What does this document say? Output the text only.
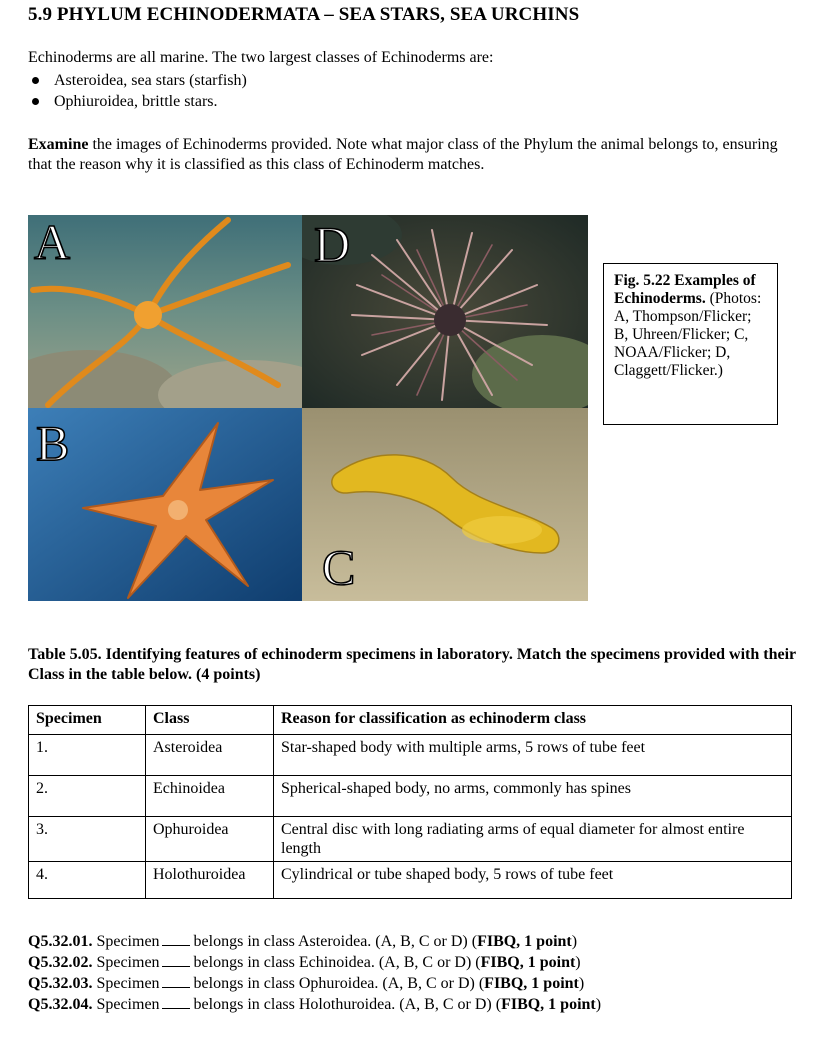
5.9 PHYLUM ECHINODERMATA – SEA STARS, SEA URCHINS
Echinoderms are all marine. The two largest classes of Echinoderms are:
Asteroidea, sea stars (starfish)
Ophiuroidea, brittle stars.
Examine the images of Echinoderms provided. Note what major class of the Phylum the animal belongs to, ensuring that the reason why it is classified as this class of Echinoderm matches.
A	D
B
C
Fig. 5.22 Examples of Echinoderms. (Photos: A, Thompson/Flicker; B, Uhreen/Flicker; C, NOAA/Flicker; D, Claggett/Flicker.)
Table 5.05. Identifying features of echinoderm specimens in laboratory. Match the specimens provided with their Class in the table below. (4 points)
Specimen	Class	Reason for classification as echinoderm class
1.	Asteroidea	Star-shaped body with multiple arms, 5 rows of tube feet
2.	Echinoidea	Spherical-shaped body, no arms, commonly has spines
3.	Ophuroidea	Central disc with long radiating arms of equal diameter for almost entire length
4.	Holothuroidea	Cylindrical or tube shaped body, 5 rows of tube feet
Q5.32.01. Specimen belongs in class Asteroidea. (A, B, C or D) (FIBQ, 1 point)
Q5.32.02. Specimen belongs in class Echinoidea. (A, B, C or D) (FIBQ, 1 point)
Q5.32.03. Specimen belongs in class Ophuroidea. (A, B, C or D) (FIBQ, 1 point)
Q5.32.04. Specimen belongs in class Holothuroidea. (A, B, C or D) (FIBQ, 1 point)
